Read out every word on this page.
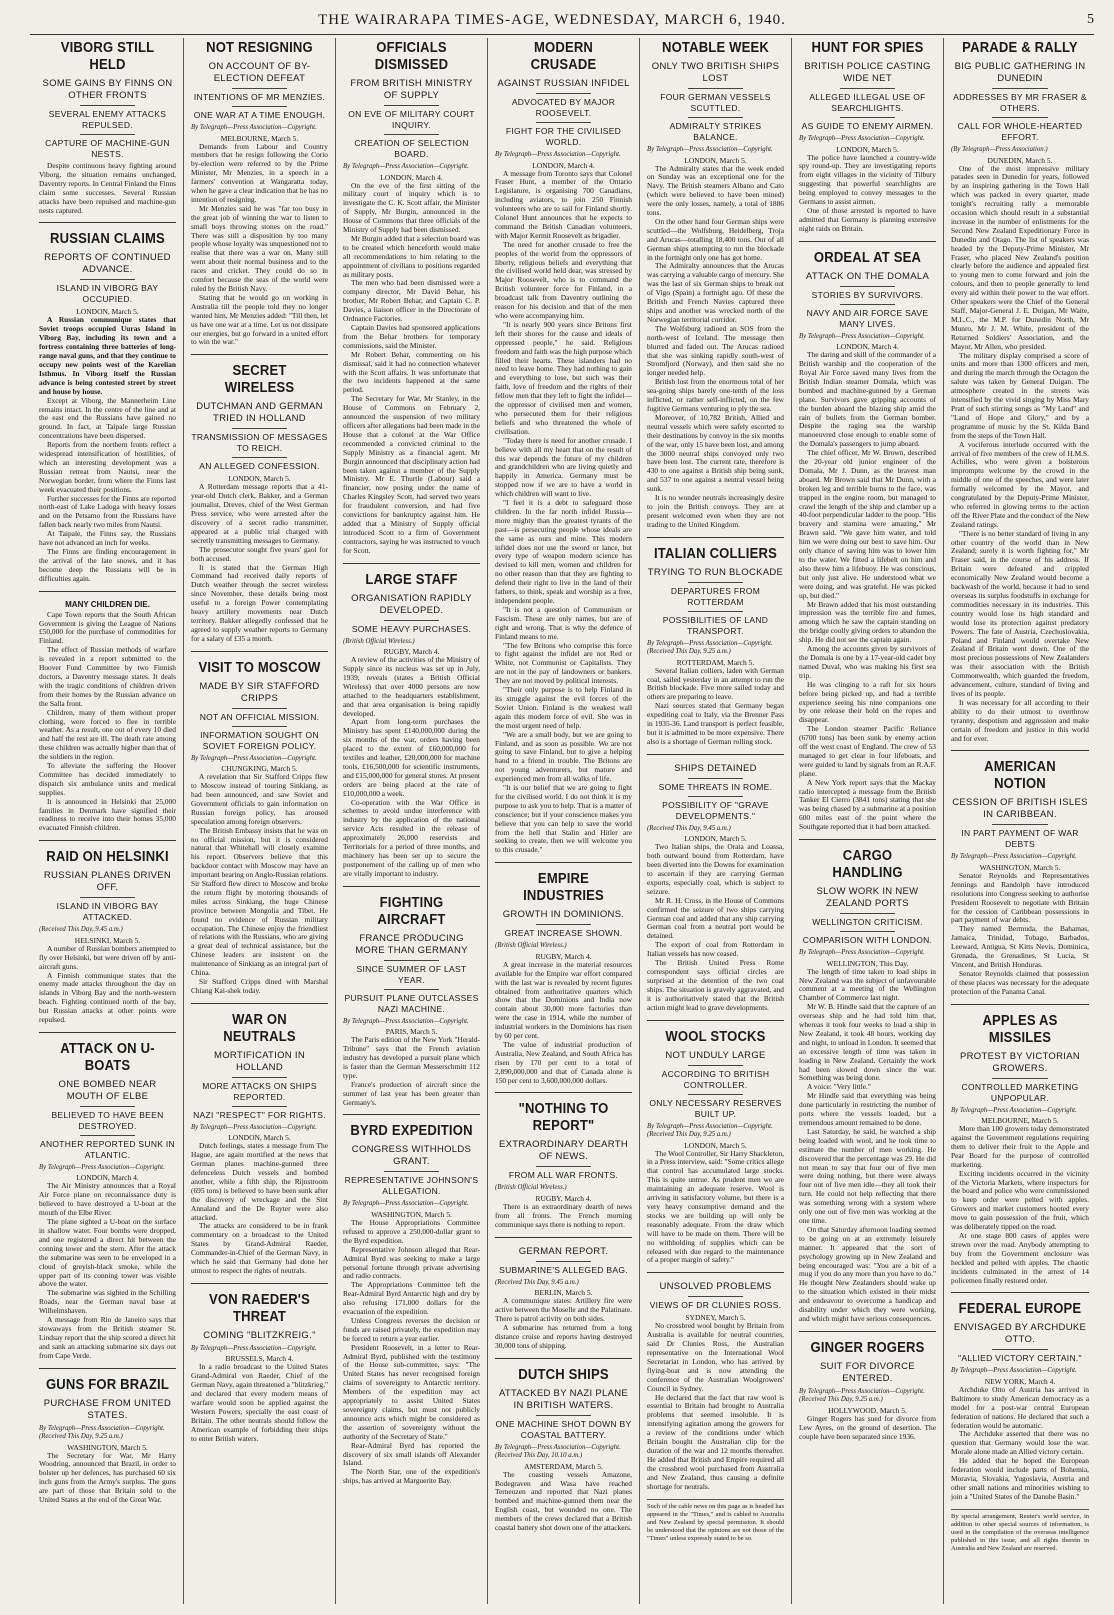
THE WAIRARAPA TIMES-AGE, WEDNESDAY, MARCH 6, 1940.	5
VIBORG STILL HELD
SOME GAINS BY FINNS ON OTHER FRONTS
SEVERAL ENEMY ATTACKS REPULSED.
CAPTURE OF MACHINE-GUN NESTS.

Despite continuous heavy fighting around Viborg, the situation remains unchanged, Daventry reports. In Central Finland the Finns claim some successes. Several Russian attacks have been repulsed and machine-gun nests captured.

RUSSIAN CLAIMS
REPORTS OF CONTINUED ADVANCE.
ISLAND IN VIBORG BAY OCCUPIED.
LONDON, March 5.

A Russian communique states that Soviet troops occupied Uuras Island in Viborg Bay, including its town and a fortress containing three batteries of long-range naval guns, and that they continue to occupy new points west of the Karelian Isthmus. In Viborg itself the Russian advance is being contested street by street and house by house.

Except at Viborg, the Mannerheim Line remains intact. In the centre of the line and at the east end the Russians have gained no ground. In fact, at Taipale large Russian concentrations have been dispersed.

Reports from the northern fronts reflect a widespread intensification of hostilities, of which an interesting development was a Russian retreat from Nautsi, near the Norwegian border, from where the Finns last week evacuated their positions.

Further successes for the Finns are reported north-east of Lake Ladoga with heavy losses and on the Petsamo front the Russians have fallen back nearly two miles from Nautsi.

At Taipale, the Finns say, the Russians have not advanced an inch for weeks.

The Finns are finding encouragement in the arrival of the late snows, and it has become deep the Russians will be in difficulties again.

MANY CHILDREN DIE.

Cape Town reports that the South African Government is giving the League of Nations £50,000 for the purchase of commodities for Finland.

The effect of Russian methods of warfare is revealed in a report submitted to the Hoover Fund Committee by two Finnish doctors, a Daventry message states. It deals with the tragic conditions of children driven from their homes by the Russian advance on the Salla front.

Children, many of them without proper clothing, were forced to flee in terrible weather. As a result, one out of every 10 died and half the rest are ill. The death rate among these children was actually higher than that of the soldiers in the region.

To alleviate the suffering the Hoover Committee has decided immediately to dispatch six ambulance units and medical supplies.

It is announced in Helsinki that 25,000 families in Denmark have signified their readiness to receive into their homes 35,000 evacuated Finnish children.

RAID ON HELSINKI
RUSSIAN PLANES DRIVEN OFF.
ISLAND IN VIBORG BAY ATTACKED.
(Received This Day, 9.45 a.m.)
HELSINKI, March 5.

A number of Russian bombers attempted to fly over Helsinki, but were driven off by anti-aircraft guns.

A Finnish communique states that the enemy made attacks throughout the day on islands in Viborg Bay and the north-western beach. Fighting continued north of the bay, but Russian attacks at other points were repulsed.

ATTACK ON U-BOATS
ONE BOMBED NEAR MOUTH OF ELBE
BELIEVED TO HAVE BEEN DESTROYED.
ANOTHER REPORTED SUNK IN ATLANTIC.
By Telegraph—Press Association—Copyright.
LONDON, March 4.

The Air Ministry announces that a Royal Air Force plane on reconnaissance duty is believed to have destroyed a U-boat at the mouth of the Elbe River.

The plane sighted a U-boat on the surface in shallow water. Four bombs were dropped, and one registered a direct hit between the conning tower and the stern. After the attack the submarine was seen to be enveloped in a cloud of greyish-black smoke, while the upper part of its conning tower was visible above the water.

The submarine was sighted in the Schilling Roads, near the German naval base at Wilhelmshaven.

A message from Rio de Janeiro says that stowaways from the British steamer St. Lindsay report that the ship scored a direct hit and sank an attacking submarine six days out from Cape Verde.

GUNS FOR BRAZIL
PURCHASE FROM UNITED STATES.
By Telegraph—Press Association—Copyright. (Received This Day, 9.25 a.m.)
WASHINGTON, March 5.

The Secretary for War, Mr Harry Woodring, announced that Brazil, in order to bolster up her defences, has purchased 60 six inch guns from the Army's surplus. The guns are part of those that Britain sold to the United States at the end of the Great War.

NOT RESIGNING
ON ACCOUNT OF BY-ELECTION DEFEAT
INTENTIONS OF MR MENZIES.
ONE WAR AT A TIME ENOUGH.
By Telegraph—Press Association—Copyright.
MELBOURNE, March 5.

Demands from Labour and Country members that he resign following the Corio by-election were referred to by the Prime Minister, Mr Menzies, in a speech in a farmers' convention at Wangaratta today, when he gave a clear indication that he has no intention of resigning.

Mr Menzies said he was "far too busy in the great job of winning the war to listen to small boys throwing stones on the road." There was still a disposition by too many people whose loyalty was unquestioned not to realise that there was a war on. Many still went about their normal business and to the races and cricket. They could do so in comfort because the seas of the world were ruled by the British Navy.

Stating that he would go on working in Australia till the people told they no longer wanted him, Mr Menzies added: "Till then, let us have one war at a time. Let us not dissipate our energies, but go forward in a united effort to win the war."

SECRET WIRELESS
DUTCHMAN AND GERMAN TRIED IN HOLLAND
TRANSMISSION OF MESSAGES TO REICH.
AN ALLEGED CONFESSION.
LONDON, March 5.

A Rotterdam message reports that a 41-year-old Dutch clerk, Bakker, and a German journalist, Dreves, chief of the West German Press service, who were arrested after the discovery of a secret radio transmitter, appeared at a public trial charged with secretly transmitting messages to Germany.

The prosecutor sought five years' gaol for both accused.

It is stated that the German High Command had received daily reports of Dutch weather through the secret wireless since November, these details being most useful to a foreign Power contemplating heavy artillery movements near Dutch territory. Bakker allegedly confessed that he agreed to supply weather reports to Germany for a salary of £35 a month.

VISIT TO MOSCOW
MADE BY SIR STAFFORD CRIPPS
NOT AN OFFICIAL MISSION.
INFORMATION SOUGHT ON SOVIET FOREIGN POLICY.
By Telegraph—Press Association—Copyright.
CHUNGKING, March 5.

A revelation that Sir Stafford Cripps flew to Moscow instead of touring Sinkiang, as had been announced, and saw Soviet and Government officials to gain information on Russian foreign policy, has aroused speculation among foreign observers.

The British Embassy insists that he was on no official mission, but it is considered natural that Whitehall will closely examine his report. Observers believe that this backdoor contact with Moscow may have an important bearing on Anglo-Russian relations. Sir Stafford flew direct to Moscow and broke the return flight by motoring thousands of miles across Sinkiang, the huge Chinese province between Mongolia and Tibet. He found no evidence of Russian military occupation. The Chinese enjoy the friendliest of relations with the Russians, who are giving a great deal of technical assistance, but the Chinese leaders are insistent on the maintenance of Sinkiang as an integral part of China.

Sir Stafford Cripps dined with Marshal Chiang Kai-shek today.

WAR ON NEUTRALS
MORTIFICATION IN HOLLAND
MORE ATTACKS ON SHIPS REPORTED.
NAZI "RESPECT" FOR RIGHTS.
By Telegraph—Press Association—Copyright.
LONDON, March 5.

Dutch feelings, states a message from The Hague, are again mortified at the news that German planes machine-gunned three defenceless Dutch vessels and bombed another, while a fifth ship, the Rijnstroom (695 tons) is believed to have been sunk after the discovery of wreckage and the Sint Annaland and the De Ruyter were also attacked.

The attacks are considered to be in frank commentary on a broadcast to the United States by Grand-Admiral Raeder, Commander-in-Chief of the German Navy, in which he said that Germany had done her utmost to respect the rights of neutrals.

VON RAEDER'S THREAT
COMING "BLITZKREIG."
By Telegraph—Press Association—Copyright.
BRUSSELS, March 4.

In a radio broadcast to the United States Grand-Admiral von Raeder, Chief of the German Navy, again threatened a "blitzkrieg," and declared that every modern means of warfare would soon be applied against the Western Powers, specially the east coast of Britain. The other neutrals should follow the American example of forbidding their ships to enter British waters.

OFFICIALS DISMISSED
FROM BRITISH MINISTRY OF SUPPLY
ON EVE OF MILITARY COURT INQUIRY.
CREATION OF SELECTION BOARD.
By Telegraph—Press Association—Copyright.
LONDON, March 4.

On the eve of the first sitting of the military court of inquiry which is to investigate the C. K. Scott affair, the Minister of Supply, Mr Burgin, announced in the House of Commons that three officials of the Ministry of Supply had been dismissed.

Mr Burgin added that a selection board was to be created which henceforth would make all recommendations to him relating to the appointment of civilians to positions regarded as military posts.

The men who had been dismissed were a company director, Mr David Behar, his brother, Mr Robert Behar, and Captain C. P. Davies, a liaison officer in the Directorate of Ordnance Factories.

Captain Davies had sponsored applications from the Behar brothers for temporary commissions, said the Minister.

Mr Robert Behar, commenting on his dismissal, said it had no connection whatever with the Scott affairs. It was unfortunate that the two incidents happened at the same period.

The Secretary for War, Mr Stanley, in the House of Commons on February 2, announced the suspension of two military officers after allegations had been made in the House that a colonel at the War Office recommended a convicted criminal to the Supply Ministry as a financial agent. Mr Burgin announced that disciplinary action had been taken against a member of the Supply Ministry. Mr E. Thurtle (Labour) said a financier, now posing under the name of Charles Kingsley Scott, had served two years for fraudulent conversion, and had five convictions for bankruptcy against him. He added that a Ministry of Supply official introduced Scott to a firm of Government contractors, saying he was instructed to vouch for Scott.

LARGE STAFF
ORGANISATION RAPIDLY DEVELOPED.
SOME HEAVY PURCHASES.
(British Official Wireless.)
RUGBY, March 4.

A review of the activities of the Ministry of Supply since its nucleus was set up in July, 1939, reveals (states a British Official Wireless) that over 4000 persons are now attached to the headquarters establishment, and that area organisation is being rapidly developed.

Apart from long-term purchases the Ministry has spent £140,000,000 during the six months of the war, orders having been placed to the extent of £60,000,000 for textiles and leather, £20,000,000 for machine tools, £16,500,000 for scientific instruments, and £15,000,000 for general stores. At present orders are being placed at the rate of £10,000,000 a week.

Co-operation with the War Office in schemes to avoid undue interference with industry by the application of the national service Acts resulted in the release of approximately 26,000 reservists and Territorials for a period of three months, and machinery has been set up to secure the postponement of the calling up of men who are vitally important to industry.

FIGHTING AIRCRAFT
FRANCE PRODUCING MORE THAN GERMANY
SINCE SUMMER OF LAST YEAR.
PURSUIT PLANE OUTCLASSES NAZI MACHINE.
By Telegraph—Press Association—Copyright.
PARIS, March 5.

The Paris edition of the New York "Herald-Tribune" says that the French aviation industry has developed a pursuit plane which is faster than the German Messerschmitt 112 type.

France's production of aircraft since the summer of last year has been greater than Germany's.

BYRD EXPEDITION
CONGRESS WITHHOLDS GRANT.
REPRESENTATIVE JOHNSON'S ALLEGATION.
By Telegraph—Press Association—Copyright.
WASHINGTON, March 5.

The House Appropriations Committee refused to approve a 250,000-dollar grant to the Byrd expedition.

Representative Johnson alleged that Rear-Admiral Byrd was seeking to make a large personal fortune through private advertising and radio contracts.

The Appropriations Committee left the Rear-Admiral Byrd Antarctic high and dry by also refusing 171,000 dollars for the evacuation of the expedition.

Unless Congress reverses the decision or funds are raised privately, the expedition may be forced to return a year earlier.

President Roosevelt, in a letter to Rear-Admiral Byrd, published with the testimony of the House sub-committee, says: "The United States has never recognised foreign claims of sovereignty to Antarctic territory. Members of the expedition may act appropriately to assist United States sovereignty claims, but must not publicly announce acts which might be considered as the assertion of sovereignty without the authority of the Secretary of State."

Rear-Admiral Byrd has reported the discovery of six small islands off Alexander Island.

The North Star, one of the expedition's ships, has arrived at Marguerite Bay.

MODERN CRUSADE
AGAINST RUSSIAN INFIDEL
ADVOCATED BY MAJOR ROOSEVELT.
FIGHT FOR THE CIVILISED WORLD.
By Telegraph—Press Association—Copyright.
LONDON, March 4.

A message from Toronto says that Colonel Fraser Hunt, a member of the Ontario Legislature, is organising 700 Canadians, including aviators, to join 250 Finnish volunteers who are to sail for Finland shortly. Colonel Hunt announces that he expects to command the British Canadian volunteers, with Major Kermit Roosevelt as brigadier.

The need for another crusade to free the peoples of the world from the oppressors of liberty, religious beliefs and everything that the civilised world held dear, was stressed by Major Roosevelt, who is to command the British volunteer force for Finland, in a broadcast talk from Daventry outlining the reason for his decision and that of the men who were accompanying him.

"It is nearly 900 years since Britons first left their shores for the cause and ideals of oppressed people," he said. Religious freedom and faith was the high purpose which filled their hearts. These islanders had no need to leave home. They had nothing to gain and everything to lose, but such was their faith, love of freedom and the rights of their fellow men that they left to fight the infidel—the oppressor of civilised men and women, who persecuted them for their religious beliefs and who threatened the whole of civilisation.

"Today there is need for another crusade. I believe with all my heart that on the result of this war depends the future of my children and grandchildren who are living quietly and happily in America. Germany must be stopped now if we are to have a world in which children will want to live.

"I feel it is a debt to safeguard those children. In the far north infidel Russia—more mighty than the greatest tyrants of the past—is persecuting people whose ideals are the same as ours and mine. This modern infidel does not use the sword or lance, but every type of weapon modern science has devised to kill men, women and children for no other reason than that they are fighting to defend their right to live in the land of their fathers, to think, speak and worship as a free, independent people.

"It is not a question of Communism or Fascism. These are only names, but are of right and wrong. That is why the defence of Finland means to me.

"The few Britons who comprise this force to fight against the infidel are not Red or White, not Communist or Capitalists. They are not in the pay of landowners or bankers. They are not moved by political interests.

"Their only purpose is to help Finland in its struggle against the evil forces of the Soviet Union. Finland is the weakest wall again this modern force of evil. She was in the most urgent need of help.

"We are a small body, but we are going to Finland, and as soon as possible. We are not going to save Finland, but to give a helping hand to a friend in trouble. The Britons are not young adventurers, but mature and experienced men from all walks of life.

"It is our belief that we are going to fight for the civilised world. I do not think it is my purpose to ask you to help. That is a matter of conscience; but if your conscience makes you believe that you can help to save the world from the hell that Stalin and Hitler are seeking to create, then we will welcome you to this crusade."

EMPIRE INDUSTRIES
GROWTH IN DOMINIONS.
GREAT INCREASE SHOWN.
(British Official Wireless.)
RUGBY, March 4.

A great increase in the material resources available for the Empire war effort compared with the last war is revealed by recent figures obtained from authoritative quarters which show that the Dominions and India now contain about 30,000 more factories than were the case in 1914, while the number of industrial workers in the Dominions has risen by 60 per cent.

The value of industrial production of Australia, New Zealand, and South Africa has risen by 170 per cent to a total of 2,890,000,000 and that of Canada alone is 150 per cent to 3,600,000,000 dollars.

"NOTHING TO REPORT"
EXTRAORDINARY DEARTH OF NEWS.
FROM ALL WAR FRONTS.
(British Official Wireless.)
RUGBY, March 4.

There is an extraordinary dearth of news from all fronts. The French morning communique says there is nothing to report.

GERMAN REPORT.
SUBMARINE'S ALLEGED BAG.
(Received This Day, 9.45 a.m.)
BERLIN, March 5.

A communique states: Artillery fire were active between the Moselle and the Palatinate. There is patrol activity on both sides.

A submarine has returned from a long distance cruise and reports having destroyed 30,000 tons of shipping.

DUTCH SHIPS
ATTACKED BY NAZI PLANE IN BRITISH WATERS.
ONE MACHINE SHOT DOWN BY COASTAL BATTERY.
By Telegraph—Press Association—Copyright. (Received This Day, 10.10 a.m.)
AMSTERDAM, March 5.

The coasting vessels Amazone, Bodegraven and Wasa have reached Terneuzen and reported that Nazi planes bombed and machine-gunned them near the English coast, but wounded no one. The members of the crews declared that a British coastal battery shot down one of the attackers.

NOTABLE WEEK
ONLY TWO BRITISH SHIPS LOST
FOUR GERMAN VESSELS SCUTTLED.
ADMIRALTY STRIKES BALANCE.
By Telegraph—Press Association—Copyright.
LONDON, March 5.

The Admiralty states that the week ended on Sunday was an exceptional one for the Navy. The British steamers Albano and Cato (which were believed to have been mined) were the only losses, namely, a total of 1886 tons.

On the other hand four German ships were scuttled—the Wolfsburg, Heidelberg, Troja and Arucas—totalling 18,400 tons. Out of all German ships attempting to run the blockade in the fortnight only one has got home.

The Admiralty announces that the Arucas was carrying a valuable cargo of mercury. She was the last of six German ships to break out of Vigo (Spain) a fortnight ago. Of these the British and French Navies captured three ships and another was wrecked north of the Norwegian territorial corridor.

The Wolfsburg radioed an SOS from the north-west of Iceland. The message then blurred and faded out. The Arucas radioed that she was sinking rapidly south-west of Stromfjord (Norway), and then said she no longer needed help.

British lost from the enormous total of her sea-going ships barely one-tenth of the loss inflicted, or rather self-inflicted, on the few fugitive Germans venturing to ply the sea.

Moreover, of 10,782 British, Allied and neutral vessels which were safely escorted to their destinations by convoy in the six months of the war, only 15 have been lost, and among the 3000 neutral ships convoyed only two have been lost. The current rate, therefore is 430 to one against a British ship being sunk, and 537 to one against a neutral vessel being sunk.

It is no wonder neutrals increasingly desire to join the British convoys. They are at present welcomed even when they are not trading to the United Kingdom.

ITALIAN COLLIERS
TRYING TO RUN BLOCKADE
DEPARTURES FROM ROTTERDAM
POSSIBILITIES OF LAND TRANSPORT.
By Telegraph—Press Association—Copyright. (Received This Day, 9.25 a.m.)
ROTTERDAM, March 5.

Several Italian colliers, laden with German coal, sailed yesterday in an attempt to run the British blockade. Five more sailed today and others are preparing to leave.

Nazi sources stated that Germany began expediting coal to Italy, via the Brenner Pass in 1935-36. Land transport is perfect feasible, but it is admitted to be more expensive. There also is a shortage of German rolling stock.

SHIPS DETAINED
SOME THREATS IN ROME.
POSSIBILITY OF "GRAVE DEVELOPMENTS."
(Received This Day, 9.45 a.m.)
LONDON, March 5.

Two Italian ships, the Orata and Loassa, both outward bound from Rotterdam, have been diverted into the Downs for examination to ascertain if they are carrying German exports, especially coal, which is subject to seizure.

Mr R. H. Cross, in the House of Commons confirmed the seizure of two ships carrying German coal and added that any ship carrying German coal from a neutral port would be detained.

The export of coal from Rotterdam in Italian vessels has now ceased.

The British United Press Rome correspondent says official circles are surprised at the detention of the two coal ships. The situation is gravely aggravated, and it is authoritatively stated that the British action might lead to grave developments.

WOOL STOCKS
NOT UNDULY LARGE
ACCORDING TO BRITISH CONTROLLER.
ONLY NECESSARY RESERVES BUILT UP.
By Telegraph—Press Association—Copyright. (Received This Day, 9.25 a.m.)
LONDON, March 5.

The Wool Controller, Sir Harry Shackleton, in a Press interview, said: "Some critics allege that control has accumulated large stocks. This is quite untrue. As prudent men we are maintaining an adequate reserve. Wool is arriving in satisfactory volume, but there is a very heavy consumptive demand and the stocks we are building up will only be reasonably adequate. From the draw which will have to be made on them. There will be no withholding of supplies which can be released with due regard to the maintenance of a proper margin of safety."

UNSOLVED PROBLEMS
VIEWS OF DR CLUNIES ROSS.
SYDNEY, March 5.

No crossbred wool bought by Britain from Australia is available for neutral countries, said Dr Clunies Ross, the Australian representative on the International Wool Secretariat in London, who has arrived by flying-boat and is now attending the conference of the Australian Woolgrowers' Council in Sydney.

He declared that the fact that raw wool is essential to Britain had brought to Australia problems that seemed insoluble. It is intensifying agitation among the growers for a review of the conditions under which Britain bought the Australian clip for the duration of the war and 12 months thereafter. He added that British and Empire required all the crossbred wool purchased from Australia and New Zealand, thus causing a definite shortage for neutrals.

Such of the cable news on this page as is headed has appeared in the "Times," and is cabled to Australia and New Zealand by special permission. It should be understood that the opinions are not those of the "Times" unless expressly stated to be so.
HUNT FOR SPIES
BRITISH POLICE CASTING WIDE NET
ALLEGED ILLEGAL USE OF SEARCHLIGHTS.
AS GUIDE TO ENEMY AIRMEN.
By Telegraph—Press Association—Copyright.
LONDON, March 5.

The police have launched a country-wide spy round-up. They are investigating reports from eight villages in the vicinity of Tilbury suggesting that powerful searchlights are being employed to convey messages to the Germans to assist airmen.

One of those arrested is reported to have admitted that Germany is planning extensive night raids on Britain.

ORDEAL AT SEA
ATTACK ON THE DOMALA
STORIES BY SURVIVORS.
NAVY AND AIR FORCE SAVE MANY LIVES.
By Telegraph—Press Association—Copyright.
LONDON, March 4.

The daring and skill of the commander of a British warship and the cooperation of the Royal Air Force saved many lives from the British Indian steamer Domala, which was bombed and machine-gunned by a German plane. Survivors gave gripping accounts of the burden aboard the blazing ship amid the rain of bullets from the German bomber. Despite the raging sea the warship manoeuvred close enough to enable some of the Domala's passengers to jump aboard.

The chief officer, Mr W. Brown, described the 20-year old junior engineer of the Domala, Mr J. Dunn, as the bravest man aboard. Mr Brown said that Mr Dunn, with a broken leg and terrible burns to the face, was trapped in the engine room, but managed to crawl the length of the ship and clamber up a 40-foot perpendicular ladder to the poop. "His bravery and stamina were amazing," Mr Brawn said. "We gave him water, and told him we were doing our best to save him. Our only chance of saving him was to lower him to the water. We fitted a lifebelt on him and also threw him a lifebuoy. He was conscious, but only just alive. He understood what we were doing, and was grateful. He was picked up, but died."

Mr Brawn added that his most outstanding impression was the terrible fire and fumes, among which he saw the captain standing on the bridge coolly giving orders to abandon the ship. He did not see the captain again.

Among the accounts given by survivors of the Domala is one by a 17-year-old cadet boy named Duval, who was making his first sea trip.

He was clinging to a raft for six hours before being picked up, and had a terrible experience seeing his nine companions one by one release their hold on the ropes and disappear.

The London steamer Pacific Reliance (6700 tons) has been sunk by enemy action off the west coast of England. The crew of 53 managed to get clear in four lifeboats, and were guided to land by signals from an R.A.F. plane.

A New York report says that the Mackay radio intercepted a message from the British Tanker El Cierro (3841 tons) stating that she was being chased by a submarine at a position 600 miles east of the point where the Southgate reported that it had been attacked.

CARGO HANDLING
SLOW WORK IN NEW ZEALAND PORTS
WELLINGTON CRITICISM.
COMPARISON WITH LONDON.
By Telegraph—Press Association—Copyright.
WELLINGTON, This Day.

The length of time taken to load ships in New Zealand was the subject of unfavourable comment at a meeting of the Wellington Chamber of Commerce last night.

Mr W. B. Hindle said that the capture of an overseas ship and he had told him that, whereas it took four weeks to load a ship in New Zealand, it took 48 hours, working day and night, to unload in London. It seemed that an excessive length of time was taken in loading in New Zealand. Certainly the work had been slowed down since the war. Something was being done.

A voice: "Very little."

Mr Hindle said that everything was being done particularly in restricting the number of ports where the vessels loaded, but a tremendous amount remained to be done.

Last Saturday, he said, he watched a ship being loaded with wool, and he took time to estimate the number of men working. He discovered that the percentage was 29. He did not mean to say that four out of five men were doing nothing, but there were always four out of five men idle—they all took their turn. He could not help reflecting that there was something wrong with a system where only one out of five men was working at the one time.

On that Saturday afternoon loading seemed to be going on at an extremely leisurely manner. It appeared that the sort of psychology growing up in New Zealand and being encouraged was: "You are a bit of a mug if you do any more than you have to do." He thought New Zealanders should wake up to the situation which existed in their midst and endeavour to overcome a handicap and disability under which they were working, and which might have serious consequences.

GINGER ROGERS
SUIT FOR DIVORCE ENTERED.
By Telegraph—Press Association—Copyright. (Received This Day, 9.25 a.m.)
HOLLYWOOD, March 5.

Ginger Rogers has sued for divorce from Lew Ayres, on the ground of desertion. The couple have been separated since 1936.

PARADE & RALLY
BIG PUBLIC GATHERING IN DUNEDIN
ADDRESSES BY MR FRASER & OTHERS.
CALL FOR WHOLE-HEARTED EFFORT.
(By Telegraph—Press Association.)
DUNEDIN, March 5.

One of the most impressive military parades seen in Dunedin for years, followed by an inspiring gathering in the Town Hall which was packed in every quarter, made tonight's recruiting rally a memorable occasion which should result in a substantial increase in the number of enlistments for the Second New Zealand Expeditionary Force in Dunedin and Otago. The list of speakers was headed by the Deputy-Prime Minister, Mr Fraser, who placed New Zealand's position clearly before the audience and appealed first to young men to come forward and join the colours, and then to people generally to lend every aid within their power to the war effort. Other speakers were the Chief of the General Staff, Major-General J. E. Duigan, Mr Waite, M.L.C., the M.P. for Dunedin North, Mr Munro, Mr J. M. White, president of the Returned Soldiers' Association, and the Mayor, Mr Allen, who presided.

The military display comprised a score of units and more than 1300 officers and men, and during the march through the Octagon the salute was taken by General Duigan. The atmosphere created in the streets was intensified by the vivid singing by Miss Mary Pratt of such stirring songs as "My Land" and "Land of Hope and Glory," and by a programme of music by the St. Kilda Band from the steps of the Town Hall.

A vociferous interlude occurred with the arrival of five members of the crew of H.M.S. Achilles, who were given a boisterous impromptu welcome by the crowd in the middle of one of the speeches, and were later formally welcomed by the Mayor, and congratulated by the Deputy-Prime Minister, who referred in glowing terms to the action off the River Plate and the conduct of the New Zealand ratings.

"There is no better standard of living in any other country of the world than in New Zealand; surely it is worth fighting for," Mr Fraser said, in the course of his address. If Britain were defeated and crippled economically New Zealand would become a backwash of the world, because it had to send overseas its surplus foodstuffs in exchange for commodities necessary in its industries. This country would lose its high standard and would lose its protection against predatory Powers. The fate of Austria, Czechoslovakia, Poland and Finland would overtake New Zealand if Britain went down. One of the most precious possessions of New Zealanders was their association with the British Commonwealth, which guarded the freedom, advancement, culture, standard of living and lives of its people.

It was necessary for all according to their ability to do their utmost to overthrow tyranny, despotism and aggression and make certain of freedom and justice in this world and for ever.

AMERICAN NOTION
CESSION OF BRITISH ISLES IN CARIBBEAN.
IN PART PAYMENT OF WAR DEBTS
By Telegraph—Press Association—Copyright.
WASHINGTON, March 5.

Senator Reynolds and Representatives Jennings and Randolph have introduced resolutions into Congress seeking to authorise President Roosevelt to negotiate with Britain for the cession of Caribbean possessions in part payment of war debts.

They named Bermuda, the Bahamas, Jamaica, Trinidad, Tobago, Barbados, Leeward, Antigua, St Kitts Nevis, Dominica, Grenada, the Grenadines, St Lucia, St Vincent, and British Honduras.

Senator Reynolds claimed that possession of these places was necessary for the adequate protection of the Panama Canal.

APPLES AS MISSILES
PROTEST BY VICTORIAN GROWERS.
CONTROLLED MARKETING UNPOPULAR.
By Telegraph—Press Association—Copyright.
MELBOURNE, March 5.

More than 100 growers today demonstrated against the Government regulations requiring them to deliver their fruit to the Apple and Pear Board for the purpose of controlled marketing.

Exciting incidents occurred in the vicinity of the Victoria Markets, where inspectors for the board and police who were commissioned to keep order were pelted with apples. Growers and market customers hooted every move to gain possession of the fruit, which was deliberately tipped on the road.

At one stage 800 cases of apples were strewn over the road. Anybody attempting to buy from the Government enclosure was heckled and pelted with apples. The chaotic incidents culminated in the arrest of 14 policemen finally restored order.

FEDERAL EUROPE
ENVISAGED BY ARCHDUKE OTTO.
"ALLIED VICTORY CERTAIN."
By Telegraph—Press Association—Copyright.
NEW YORK, March 4.

Archduke Otto of Austria has arrived in Baltimore to study American democracy as a model for a post-war central European federation of nations. He declared that such a federation would be automatic.

The Archduke asserted that there was no question that Germany would lose the war. Morale alone made an Allied victory certain.

He added that he hoped the European federation would include parts of Bohemia, Moravia, Slovakia, Yugoslavia, Austria and other small nations and minorities wishing to join a "United States of the Danube Basin."

By special arrangement, Reuter's world service, in addition to other special sources of information, is used in the compilation of the overseas intelligence published in this issue, and all rights therein in Australia and New Zealand are reserved.
